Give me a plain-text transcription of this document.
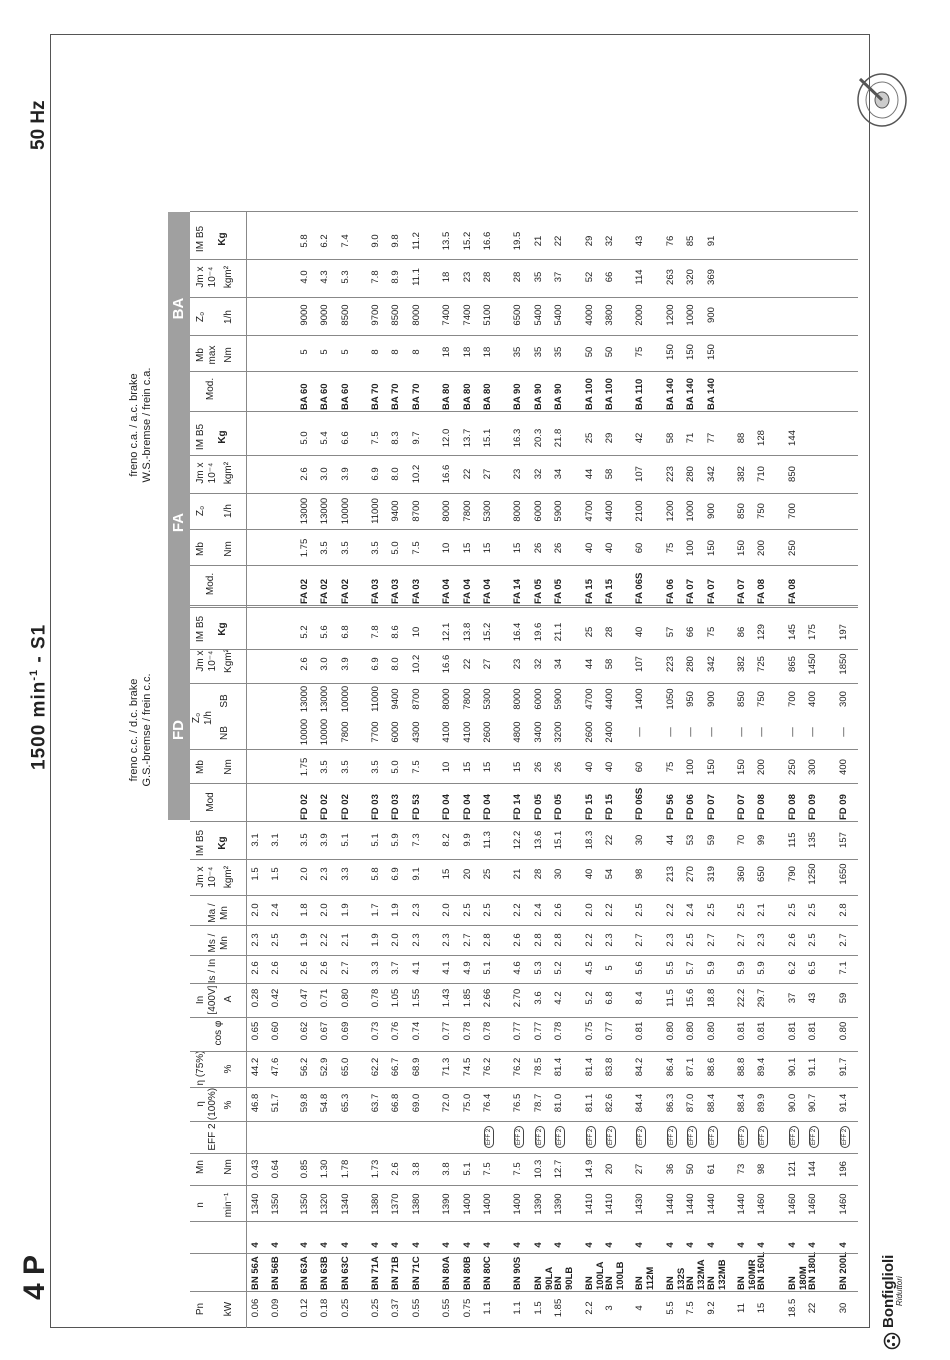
4 P
1500 $\min^{-1} - S1$
50 Hz
Bonfiglioli
Riduttori
Pn kW
n min⁻¹
Mn Nm
EFF 2
η (100%) %
η (75%) %
cos φ
In [400V] A
Is / In
Ms / Mn
Ma / Mn
Jm x 10⁻⁴ kgm²
IM B5 Kg
Mod
Mb Nm
Z₀ 1/h
NB
SB
Jm x 10⁻⁴ Kgm²
IM B5 Kg
Mod.
Mb Nm
Z₀ 1/h
Jm x 10⁻⁴ kgm²
IM B5 Kg
Mod.
Mb max Nm
Z₀ 1/h
Jm x 10⁻⁴ kgm²
IM B5 Kg
FD
FA
BA
freno c.c. / d.c. brake G.S.-bremse / frein c.c.
freno c.a. / a.c. brake W.S.-bremse / frein c.a.
0.06
BN 56A
4
1340
0.43
46.8
44.2
0.65
0.28
2.6
2.3
2.0
1.5
3.1
0.09
BN 56B
4
1350
0.64
51.7
47.6
0.60
0.42
2.6
2.5
2.4
1.5
3.1
0.12
BN 63A
4
1350
0.85
59.8
56.2
0.62
0.47
2.6
1.9
1.8
2.0
3.5
FD 02
1.75
10000
13000
2.6
5.2
FA 02
1.75
13000
2.6
5.0
BA 60
5
9000
4.0
5.8
0.18
BN 63B
4
1320
1.30
54.8
52.9
0.67
0.71
2.6
2.2
2.0
2.3
3.9
FD 02
3.5
10000
13000
3.0
5.6
FA 02
3.5
13000
3.0
5.4
BA 60
5
9000
4.3
6.2
0.25
BN 63C
4
1340
1.78
65.3
65.0
0.69
0.80
2.7
2.1
1.9
3.3
5.1
FD 02
3.5
7800
10000
3.9
6.8
FA 02
3.5
10000
3.9
6.6
BA 60
5
8500
5.3
7.4
0.25
BN 71A
4
1380
1.73
63.7
62.2
0.73
0.78
3.3
1.9
1.7
5.8
5.1
FD 03
3.5
7700
11000
6.9
7.8
FA 03
3.5
11000
6.9
7.5
BA 70
8
9700
7.8
9.0
0.37
BN 71B
4
1370
2.6
66.8
66.7
0.76
1.05
3.7
2.0
1.9
6.9
5.9
FD 03
5.0
6000
9400
8.0
8.6
FA 03
5.0
9400
8.0
8.3
BA 70
8
8500
8.9
9.8
0.55
BN 71C
4
1380
3.8
69.0
68.9
0.74
1.55
4.1
2.3
2.3
9.1
7.3
FD 53
7.5
4300
8700
10.2
10
FA 03
7.5
8700
10.2
9.7
BA 70
8
8000
11.1
11.2
0.55
BN 80A
4
1390
3.8
72.0
71.3
0.77
1.43
4.1
2.3
2.0
15
8.2
FD 04
10
4100
8000
16.6
12.1
FA 04
10
8000
16.6
12.0
BA 80
18
7400
18
13.5
0.75
BN 80B
4
1400
5.1
75.0
74.5
0.78
1.85
4.9
2.7
2.5
20
9.9
FD 04
15
4100
7800
22
13.8
FA 04
15
7800
22
13.7
BA 80
18
7400
23
15.2
1.1
BN 80C
4
1400
7.5
EFF 2
76.4
76.2
0.78
2.66
5.1
2.8
2.5
25
11.3
FD 04
15
2600
5300
27
15.2
FA 04
15
5300
27
15.1
BA 80
18
5100
28
16.6
1.1
BN 90S
4
1400
7.5
EFF 2
76.5
76.2
0.77
2.70
4.6
2.6
2.2
21
12.2
FD 14
15
4800
8000
23
16.4
FA 14
15
8000
23
16.3
BA 90
35
6500
28
19.5
1.5
BN 90LA
4
1390
10.3
EFF 2
78.7
78.5
0.77
3.6
5.3
2.8
2.4
28
13.6
FD 05
26
3400
6000
32
19.6
FA 05
26
6000
32
20.3
BA 90
35
5400
35
21
1.85
BN 90LB
4
1390
12.7
EFF 2
81.0
81.4
0.78
4.2
5.2
2.8
2.6
30
15.1
FD 05
26
3200
5900
34
21.1
FA 05
26
5900
34
21.8
BA 90
35
5400
37
22
2.2
BN 100LA
4
1410
14.9
EFF 2
81.1
81.4
0.75
5.2
4.5
2.2
2.0
40
18.3
FD 15
40
2600
4700
44
25
FA 15
40
4700
44
25
BA 100
50
4000
52
29
3
BN 100LB
4
1410
20
EFF 2
82.6
83.8
0.77
6.8
5
2.3
2.2
54
22
FD 15
40
2400
4400
58
28
FA 15
40
4400
58
29
BA 100
50
3800
66
32
4
BN 112M
4
1430
27
EFF 2
84.4
84.2
0.81
8.4
5.6
2.7
2.5
98
30
FD 06S
60
—
1400
107
40
FA 06S
60
2100
107
42
BA 110
75
2000
114
43
5.5
BN 132S
4
1440
36
EFF 2
86.3
86.4
0.80
11.5
5.5
2.3
2.2
213
44
FD 56
75
—
1050
223
57
FA 06
75
1200
223
58
BA 140
150
1200
263
76
7.5
BN 132MA
4
1440
50
EFF 2
87.0
87.1
0.80
15.6
5.7
2.5
2.4
270
53
FD 06
100
—
950
280
66
FA 07
100
1000
280
71
BA 140
150
1000
320
85
9.2
BN 132MB
4
1440
61
EFF 2
88.4
88.6
0.80
18.8
5.9
2.7
2.5
319
59
FD 07
150
—
900
342
75
FA 07
150
900
342
77
BA 140
150
900
369
91
11
BN 160MR
4
1440
73
EFF 2
88.4
88.8
0.81
22.2
5.9
2.7
2.5
360
70
FD 07
150
—
850
382
86
FA 07
150
850
382
88
15
BN 160L
4
1460
98
EFF 2
89.9
89.4
0.81
29.7
5.9
2.3
2.1
650
99
FD 08
200
—
750
725
129
FA 08
200
750
710
128
18.5
BN 180M
4
1460
121
EFF 2
90.0
90.1
0.81
37
6.2
2.6
2.5
790
115
FD 08
250
—
700
865
145
FA 08
250
700
850
144
22
BN 180L
4
1460
144
EFF 2
90.7
91.1
0.81
43
6.5
2.5
2.5
1250
135
FD 09
300
—
400
1450
175
30
BN 200L
4
1460
196
EFF 2
91.4
91.7
0.80
59
7.1
2.7
2.8
1650
157
FD 09
400
—
300
1850
197
